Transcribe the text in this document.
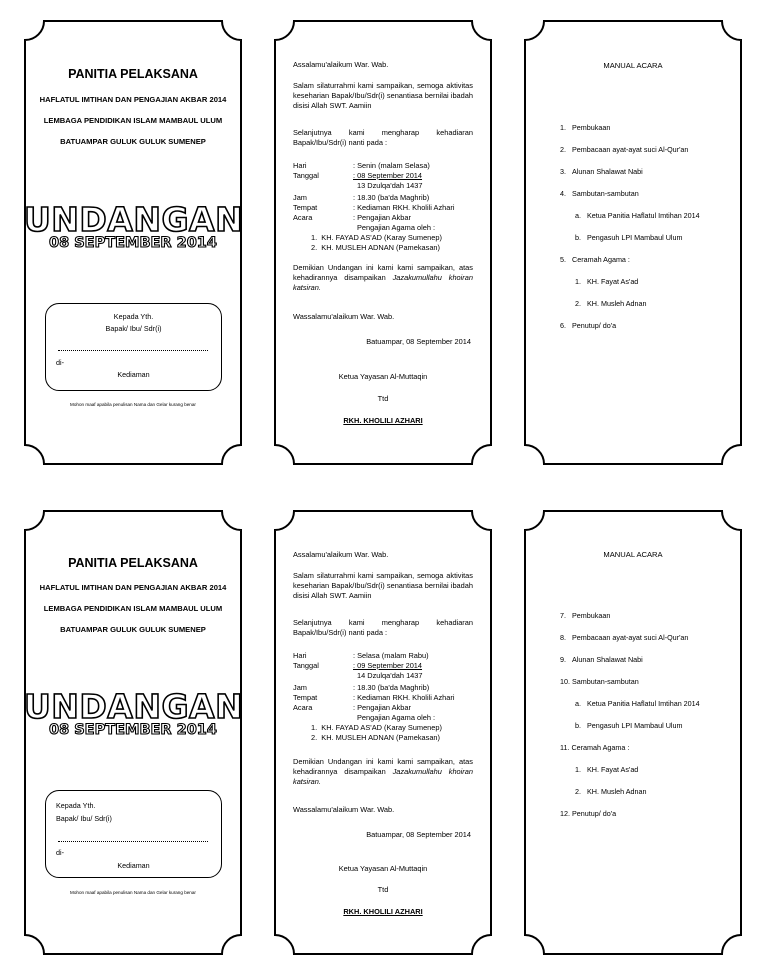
PANITIA PELAKSANA
HAFLATUL IMTIHAN DAN PENGAJIAN AKBAR 2014
LEMBAGA PENDIDIKAN ISLAM MAMBAUL ULUM
BATUAMPAR GULUK GULUK SUMENEP
UNDANGAN
08 SEPTEMBER 2014
Kepada Yth.
Bapak/ Ibu/ Sdr(i)
di-
Kediaman
Mohon maaf apabila penulisan Nama dan Gelar kurang benar
Assalamu'alaikum War. Wab.
Salam silaturrahmi kami sampaikan, semoga aktivitas keseharian Bapak/Ibu/Sdr(i) senantiasa bernilai ibadah disisi Allah SWT. Aamiin
Selanjutnya kami mengharap kehadiaran Bapak/Ibu/Sdr(i) nanti pada :
Hari	: Senin (malam Selasa)
Tanggal	: 08 September 2014
13 Dzulqa'dah 1437
Jam	: 18.30 (ba'da Maghrib)
Tempat	: Kediaman RKH. Kholili Azhari
Acara	: Pengajian Akbar
Pengajian Agama oleh :
1. KH. FAYAD AS'AD (Karay Sumenep)
2. KH. MUSLEH ADNAN (Pamekasan)
Demikian Undangan ini kami kami sampaikan, atas kehadirannya disampaikan Jazakumullahu khoiran katsiran.
Wassalamu'alaikum War. Wab.
Batuampar, 08 September 2014
Ketua Yayasan Al-Muttaqin
Ttd
RKH. KHOLILI AZHARI
MANUAL ACARA
1. Pembukaan
2. Pembacaan ayat-ayat suci Al-Qur'an
3. Alunan Shalawat Nabi
4. Sambutan-sambutan
a. Ketua Panitia Haflatul Imtihan 2014
b. Pengasuh LPI Mambaul Ulum
5. Ceramah Agama :
1. KH. Fayat As'ad
2. KH. Musleh Adnan
6. Penutup/ do'a
PANITIA PELAKSANA
HAFLATUL IMTIHAN DAN PENGAJIAN AKBAR 2014
LEMBAGA PENDIDIKAN ISLAM MAMBAUL ULUM
BATUAMPAR GULUK GULUK SUMENEP
UNDANGAN
08 SEPTEMBER 2014
Kepada Yth.
Bapak/ Ibu/ Sdr(i)
di-
Kediaman
Mohon maaf apabila penulisan Nama dan Gelar kurang benar
Assalamu'alaikum War. Wab.
Salam silaturrahmi kami sampaikan, semoga aktivitas keseharian Bapak/Ibu/Sdr(i) senantiasa bernilai ibadah disisi Allah SWT. Aamiin
Selanjutnya kami mengharap kehadiaran Bapak/Ibu/Sdr(i) nanti pada :
Hari	: Selasa (malam Rabu)
Tanggal	: 09 September 2014
14 Dzulqa'dah 1437
Jam	: 18.30 (ba'da Maghrib)
Tempat	: Kediaman RKH. Kholili Azhari
Acara	: Pengajian Akbar
Pengajian Agama oleh :
1. KH. FAYAD AS'AD (Karay Sumenep)
2. KH. MUSLEH ADNAN (Pamekasan)
Demikian Undangan ini kami kami sampaikan, atas kehadirannya disampaikan Jazakumullahu khoiran katsiran.
Wassalamu'alaikum War. Wab.
Batuampar, 08 September 2014
Ketua Yayasan Al-Muttaqin
Ttd
RKH. KHOLILI AZHARI
MANUAL ACARA
7. Pembukaan
8. Pembacaan ayat-ayat suci Al-Qur'an
9. Alunan Shalawat Nabi
10. Sambutan-sambutan
a. Ketua Panitia Haflatul Imtihan 2014
b. Pengasuh LPI Mambaul Ulum
11. Ceramah Agama :
1. KH. Fayat As'ad
2. KH. Musleh Adnan
12. Penutup/ do'a
